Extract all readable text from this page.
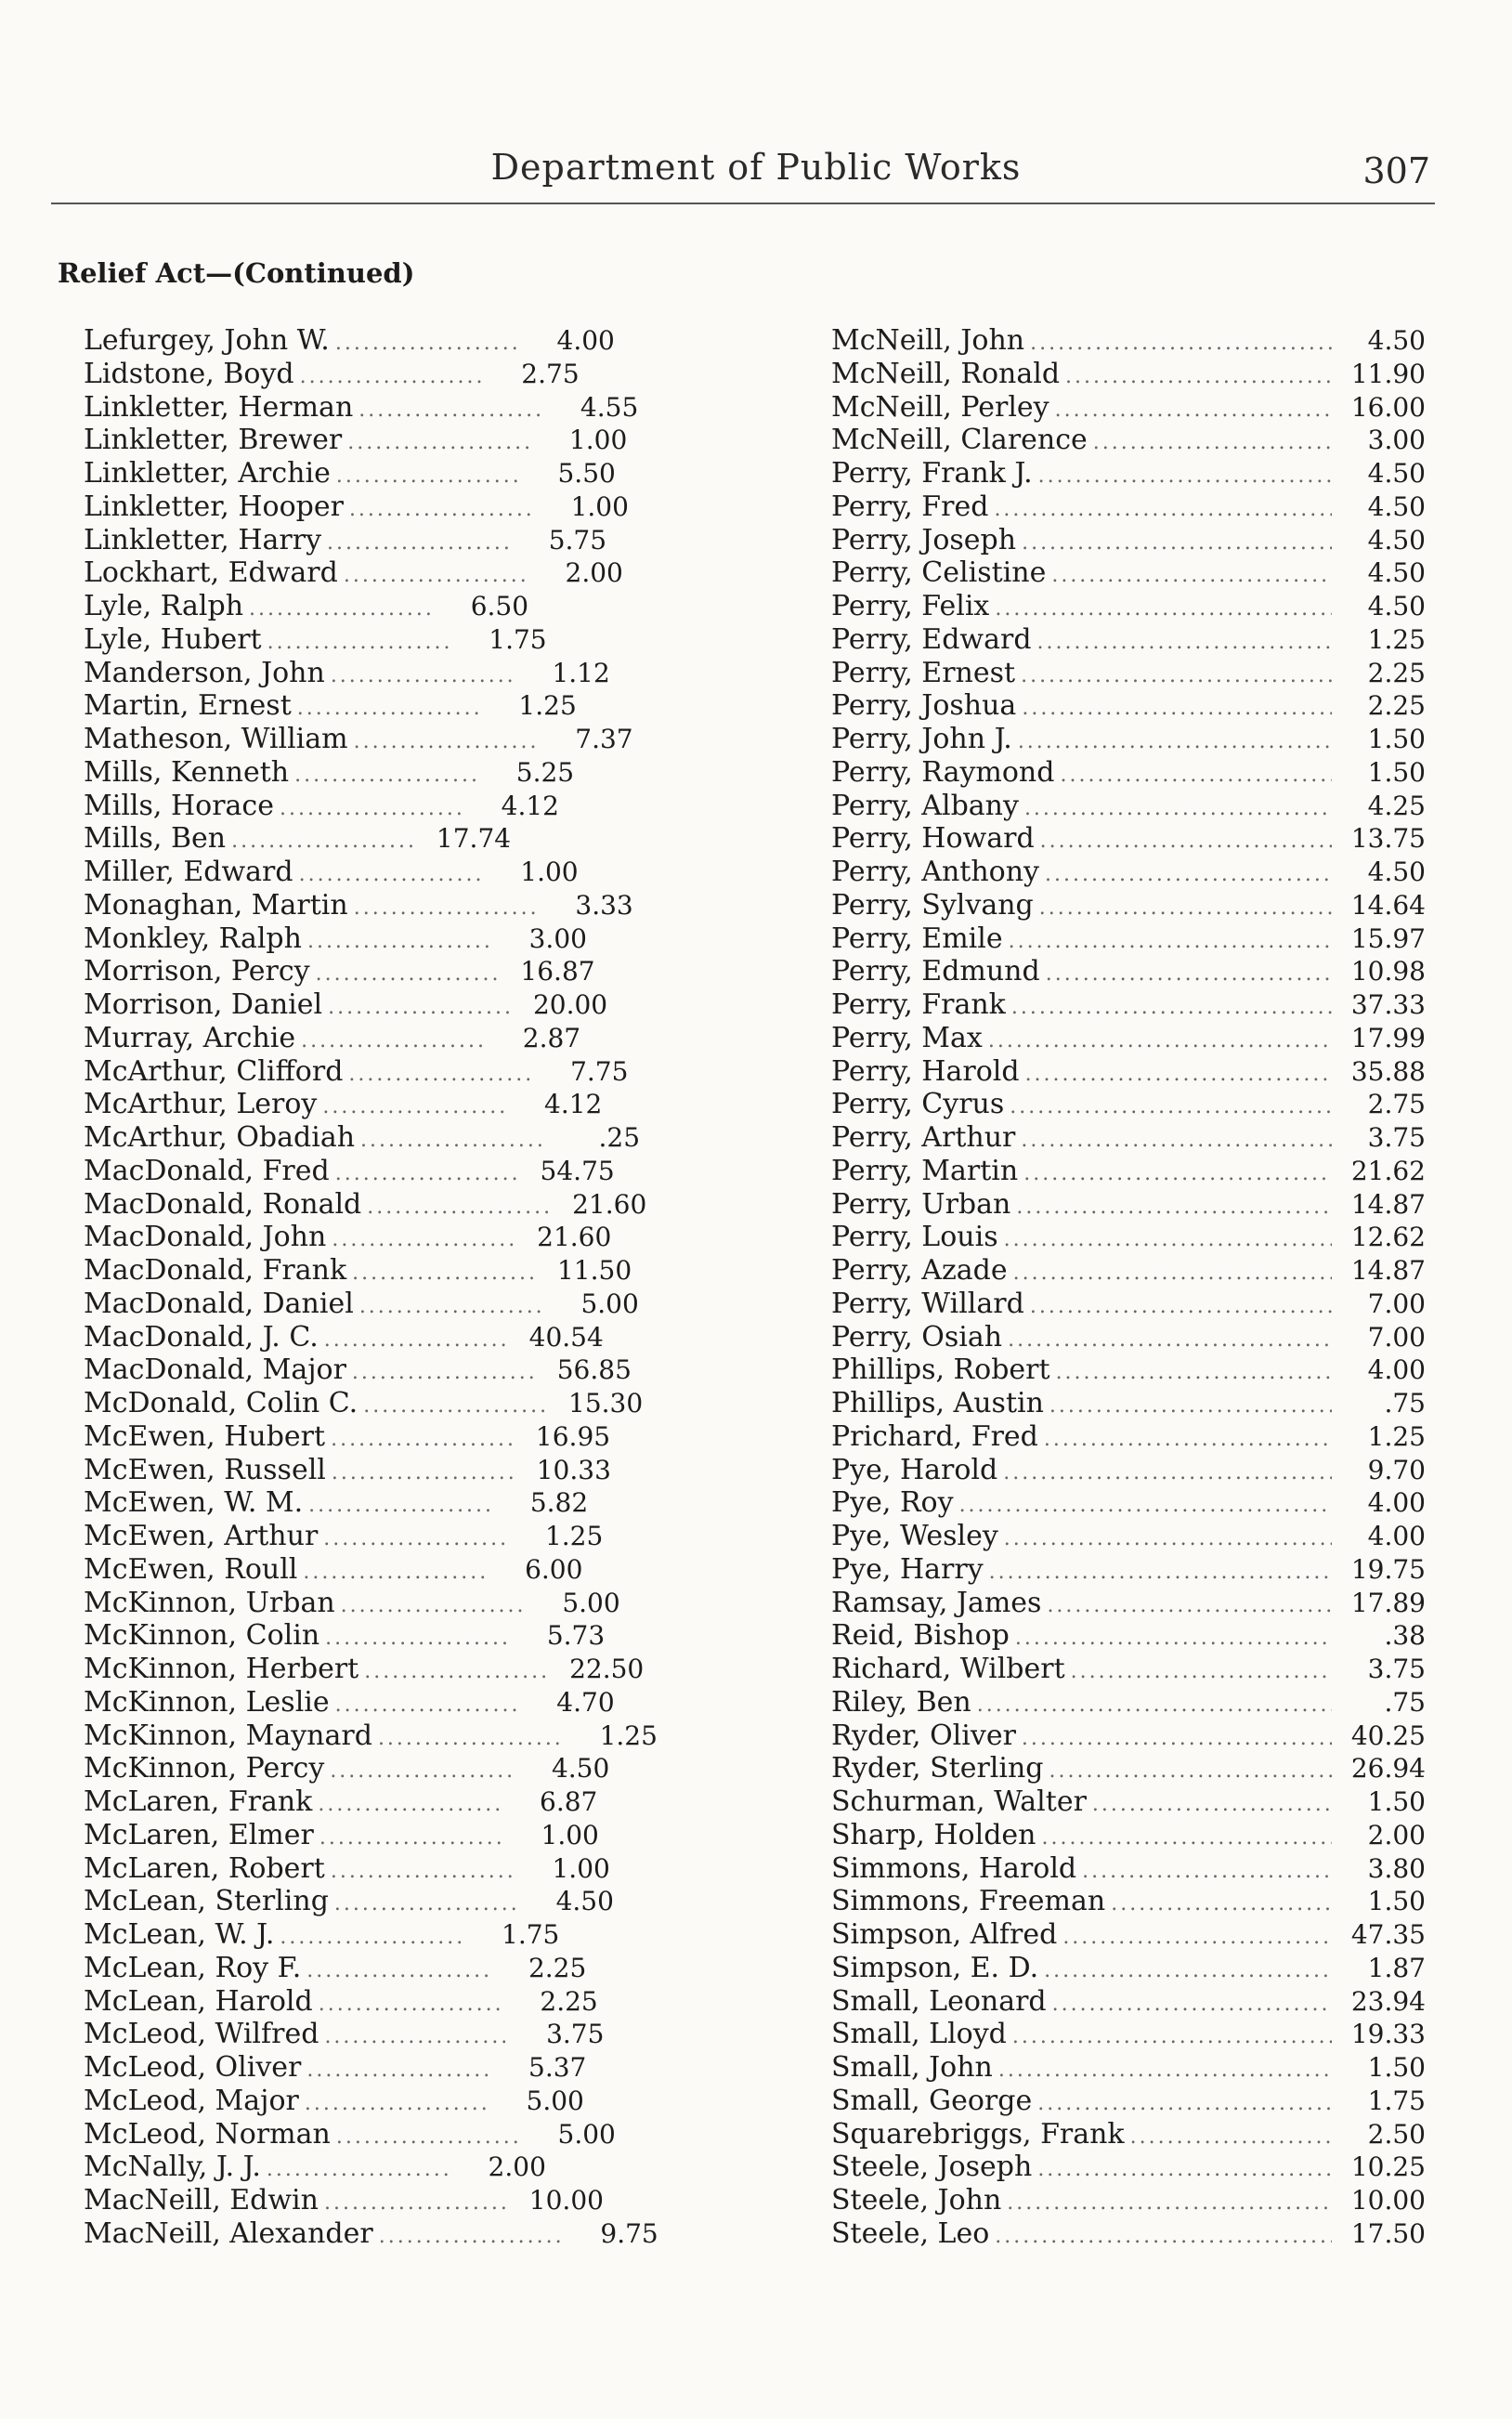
Department of Public Works	307
Relief Act—(Continued)
Lefurgey, John W. .....	4.00
Lidstone, Boyd .....	2.75
Linkletter, Herman .....	4.55
Linkletter, Brewer .....	1.00
Linkletter, Archie .....	5.50
Linkletter, Hooper .....	1.00
Linkletter, Harry .....	5.75
Lockhart, Edward .....	2.00
Lyle, Ralph .....	6.50
Lyle, Hubert .....	1.75
Manderson, John .....	1.12
Martin, Ernest .....	1.25
Matheson, William .....	7.37
Mills, Kenneth .....	5.25
Mills, Horace .....	4.12
Mills, Ben .....	17.74
Miller, Edward .....	1.00
Monaghan, Martin .....	3.33
Monkley, Ralph .....	3.00
Morrison, Percy .....	16.87
Morrison, Daniel .....	20.00
Murray, Archie .....	2.87
McArthur, Clifford .....	7.75
McArthur, Leroy .....	4.12
McArthur, Obadiah .....	.25
MacDonald, Fred .....	54.75
MacDonald, Ronald .....	21.60
MacDonald, John .....	21.60
MacDonald, Frank .....	11.50
MacDonald, Daniel .....	5.00
MacDonald, J. C. .....	40.54
MacDonald, Major .....	56.85
McDonald, Colin C. .....	15.30
McEwen, Hubert .....	16.95
McEwen, Russell .....	10.33
McEwen, W. M. .....	5.82
McEwen, Arthur .....	1.25
McEwen, Roull .....	6.00
McKinnon, Urban .....	5.00
McKinnon, Colin .....	5.73
McKinnon, Herbert .....	22.50
McKinnon, Leslie .....	4.70
McKinnon, Maynard .....	1.25
McKinnon, Percy .....	4.50
McLaren, Frank .....	6.87
McLaren, Elmer .....	1.00
McLaren, Robert .....	1.00
McLean, Sterling .....	4.50
McLean, W. J. .....	1.75
McLean, Roy F. .....	2.25
McLean, Harold .....	2.25
McLeod, Wilfred .....	3.75
McLeod, Oliver .....	5.37
McLeod, Major .....	5.00
McLeod, Norman .....	5.00
McNally, J. J. .....	2.00
MacNeill, Edwin .....	10.00
MacNeill, Alexander .....	9.75
McNeill, John .....	4.50
McNeill, Ronald .....	11.90
McNeill, Perley .....	16.00
McNeill, Clarence .....	3.00
Perry, Frank J. .....	4.50
Perry, Fred .....	4.50
Perry, Joseph .....	4.50
Perry, Celistine .....	4.50
Perry, Felix .....	4.50
Perry, Edward .....	1.25
Perry, Ernest .....	2.25
Perry, Joshua .....	2.25
Perry, John J. .....	1.50
Perry, Raymond .....	1.50
Perry, Albany .....	4.25
Perry, Howard .....	13.75
Perry, Anthony .....	4.50
Perry, Sylvang .....	14.64
Perry, Emile .....	15.97
Perry, Edmund .....	10.98
Perry, Frank .....	37.33
Perry, Max .....	17.99
Perry, Harold .....	35.88
Perry, Cyrus .....	2.75
Perry, Arthur .....	3.75
Perry, Martin .....	21.62
Perry, Urban .....	14.87
Perry, Louis .....	12.62
Perry, Azade .....	14.87
Perry, Willard .....	7.00
Perry, Osiah .....	7.00
Phillips, Robert .....	4.00
Phillips, Austin .....	.75
Prichard, Fred .....	1.25
Pye, Harold .....	9.70
Pye, Roy .....	4.00
Pye, Wesley .....	4.00
Pye, Harry .....	19.75
Ramsay, James .....	17.89
Reid, Bishop .....	.38
Richard, Wilbert .....	3.75
Riley, Ben .....	.75
Ryder, Oliver .....	40.25
Ryder, Sterling .....	26.94
Schurman, Walter .....	1.50
Sharp, Holden .....	2.00
Simmons, Harold .....	3.80
Simmons, Freeman .....	1.50
Simpson, Alfred .....	47.35
Simpson, E. D. .....	1.87
Small, Leonard .....	23.94
Small, Lloyd .....	19.33
Small, John .....	1.50
Small, George .....	1.75
Squarebriggs, Frank .....	2.50
Steele, Joseph .....	10.25
Steele, John .....	10.00
Steele, Leo .....	17.50
